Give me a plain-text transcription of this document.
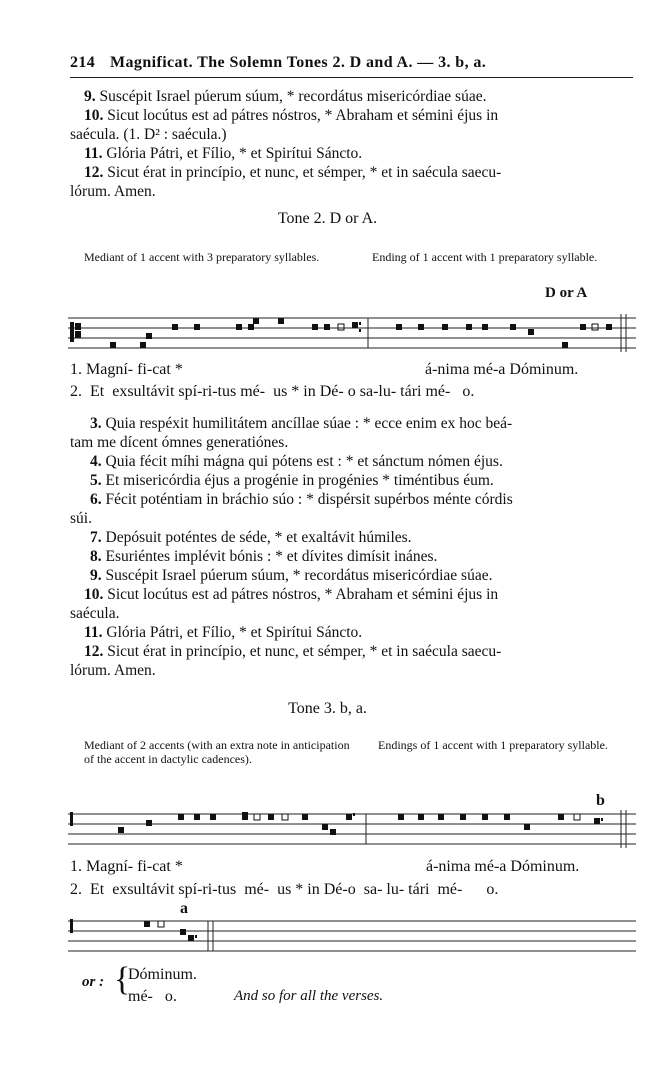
214 Magnificat. The Solemn Tones 2. D and A. — 3. b, a.
9. Suscépit Israel púerum súum, * recordátus misericórdiae súae.
10. Sicut locútus est ad pátres nóstros, * Abraham et sémini éjus in
saécula. (1. D² : saécula.)
11. Glória Pátri, et Fílio, * et Spirítui Sáncto.
12. Sicut érat in princípio, et nunc, et sémper, * et in saécula saecu-
lórum. Amen.
Tone 2. D or A.
Mediant of 1 accent with 3 preparatory syllables.	Ending of 1 accent with 1 preparatory syllable.
D or A
1. Magní- fi-cat *	á-nima mé-a Dóminum.
2.  Et  exsultávit spí-ri-tus mé-  us * in Dé- o sa-lu- tári mé-   o.
3. Quia respéxit humilitátem ancíllae súae : * ecce enim ex hoc beá-
tam me dícent ómnes generatiónes.
4. Quia fécit míhi mágna qui pótens est : * et sánctum nómen éjus.
5. Et misericórdia éjus a progénie in progénies * timéntibus éum.
6. Fécit poténtiam in bráchio súo : * dispérsit supérbos ménte córdis
súi.
7. Depósuit poténtes de séde, * et exaltávit húmiles.
8. Esuriéntes implévit bónis : * et dívites dimísit inánes.
9. Suscépit Israel púerum súum, * recordátus misericórdiae súae.
10. Sicut locútus est ad pátres nóstros, * Abraham et sémini éjus in
saécula.
11. Glória Pátri, et Fílio, * et Spirítui Sáncto.
12. Sicut érat in princípio, et nunc, et sémper, * et in saécula saecu-
lórum. Amen.
Tone 3. b, a.
Mediant of 2 accents (with an extra note in anticipation of the accent in dactylic cadences).
Endings of 1 accent with 1 preparatory syllable.
b
1. Magní- fi-cat *	á-nima mé-a Dóminum.
2.  Et  exsultávit spí-ri-tus  mé-  us * in Dé-o  sa- lu- tári  mé-      o.
a
or : {
Dóminum.
mé-   o.	And so for all the verses.
